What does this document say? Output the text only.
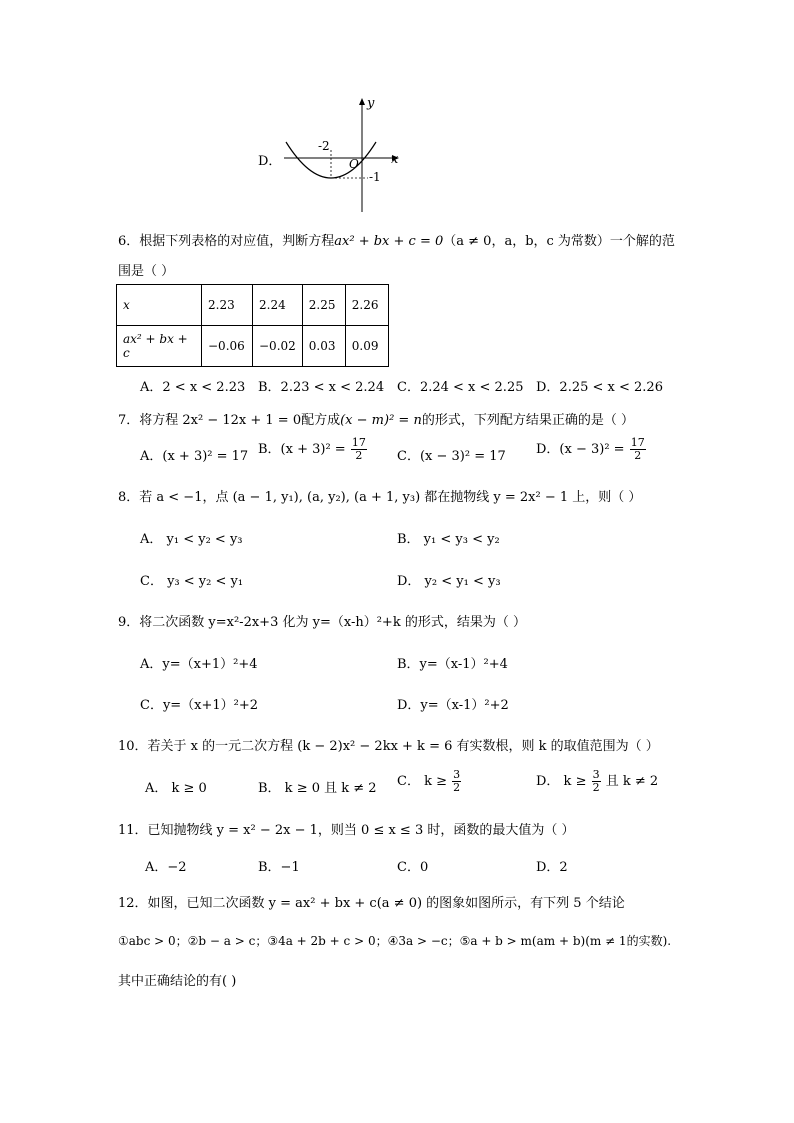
D．
-2
O x
y
-1
6．根据下列表格的对应值，判断方程ax² + bx + c = 0（a ≠ 0，a，b，c 为常数）一个解的范
围是（ ）
x	2.23	2.24	2.25	2.26
ax² + bx + c	−0.06	−0.02	0.03	0.09
A．2 < x < 2.23 B．2.23 < x < 2.24 C．2.24 < x < 2.25 D．2.25 < x < 2.26
7．将方程 2x² − 12x + 1 = 0配方成(x − m)² = n的形式，下列配方结果正确的是（ ）
A．(x + 3)² = 17 B．$(x + 3)^2 = \frac{17}{2}$ C．(x − 3)² = 17 D．$(x - 3)^2 = \frac{17}{2}$
8．若 a < −1，点 (a − 1, y₁), (a, y₂), (a + 1, y₃) 都在抛物线 y = 2x² − 1 上，则（ ）
A． y₁ < y₂ < y₃	B． y₁ < y₃ < y₂
C． y₃ < y₂ < y₁	D． y₂ < y₁ < y₃
9．将二次函数 y=x²-2x+3 化为 y=（x-h）²+k 的形式，结果为（ ）
A．y=（x+1）²+4	B．y=（x-1）²+4
C．y=（x+1）²+2	D．y=（x-1）²+2
10．若关于 x 的一元二次方程 (k − 2)x² − 2kx + k = 6 有实数根，则 k 的取值范围为（ ）
A． k ≥ 0	B． k ≥ 0 且 k ≠ 2 C． $k \ge \frac{3}{2}$	D． $k \ge \frac{3}{2}$ 且 k ≠ 2
11．已知抛物线 y = x² − 2x − 1，则当 0 ≤ x ≤ 3 时，函数的最大值为（ ）
A．−2	B．−1	C．0	D．2
12．如图，已知二次函数 y = ax² + bx + c(a ≠ 0) 的图象如图所示，有下列 5 个结论
①abc > 0；②b − a > c；③4a + 2b + c > 0；④3a > −c；⑤a + b > m(am + b)(m ≠ 1的实数).
其中正确结论的有( )
